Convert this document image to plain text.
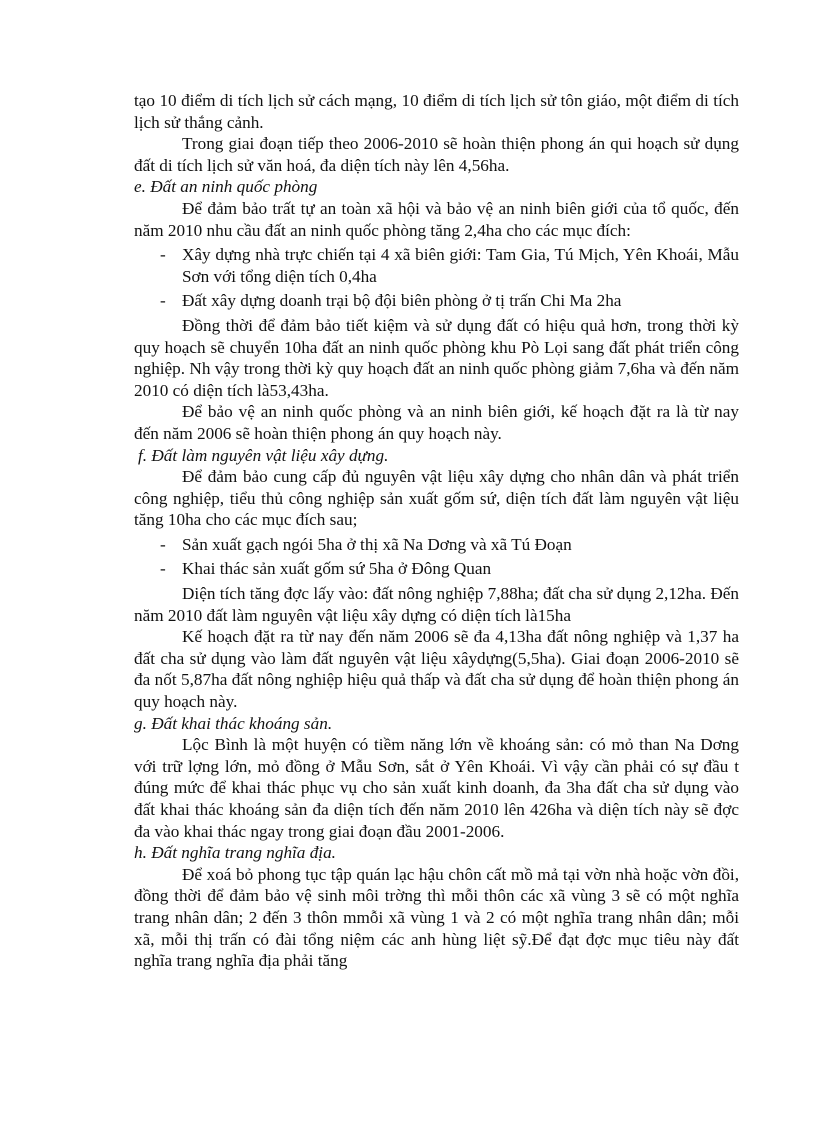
tạo 10 điểm di tích lịch sử cách mạng, 10 điểm di tích lịch sử tôn giáo, một điểm di tích lịch sử thắng cảnh.

Trong giai đoạn tiếp theo 2006-2010 sẽ hoàn thiện phong án qui hoạch sử dụng đất di tích lịch sử văn hoá, đa diện tích này lên 4,56ha.

e. Đất an ninh quốc phòng

Để đảm bảo trất tự an toàn xã hội và bảo vệ an ninh biên giới của tổ quốc, đến năm 2010 nhu cầu đất an ninh quốc phòng tăng 2,4ha cho các mục đích:

- Xây dựng nhà trực chiến tại 4 xã biên giới: Tam Gia, Tú Mịch, Yên Khoái, Mẫu Sơn với tổng diện tích 0,4ha
- Đất xây dựng doanh trại bộ đội biên phòng ở tị trấn Chi Ma 2ha

Đồng thời để đảm bảo tiết kiệm và sử dụng đất có hiệu quả hơn, trong thời kỳ quy hoạch sẽ chuyển 10ha đất an ninh quốc phòng khu Pò Lọi sang đất phát triển công nghiệp. Nh vậy trong thời kỳ quy hoạch đất an ninh quốc phòng giảm 7,6ha và đến năm 2010 có diện tích là53,43ha.

Để bảo vệ an ninh quốc phòng và an ninh biên giới, kế hoạch đặt ra là từ nay đến năm 2006 sẽ hoàn thiện phong án quy hoạch này.

f. Đất làm nguyên vật liệu xây dựng.

Để đảm bảo cung cấp đủ nguyên vật liệu xây dựng cho nhân dân và phát triển công nghiệp, tiểu thủ công nghiệp sản xuất gốm sứ, diện tích đất làm nguyên vật liệu tăng 10ha cho các mục đích sau;

- Sản xuất gạch ngói 5ha ở thị xã Na Dơng và xã Tú Đoạn
- Khai thác sản xuất gốm sứ 5ha ở Đông Quan

Diện tích tăng đợc lấy vào: đất nông nghiệp 7,88ha; đất cha sử dụng 2,12ha. Đến năm 2010 đất làm nguyên vật liệu xây dựng có diện tích là15ha

Kế hoạch đặt ra từ nay đến năm 2006 sẽ đa 4,13ha đất nông nghiệp và 1,37 ha đất cha sử dụng vào làm đất nguyên vật liệu xâydựng(5,5ha). Giai đoạn 2006-2010 sẽ đa nốt 5,87ha đất nông nghiệp hiệu quả thấp và đất cha sử dụng để hoàn thiện phong án quy hoạch này.

g. Đất khai thác khoáng sản.

Lộc Bình là một huyện có tiềm năng lớn về khoáng sản: có mỏ than Na Dơng với trữ lợng lớn, mỏ đồng ở Mẫu Sơn, sắt ở Yên Khoái. Vì vậy cần phải có sự đầu t đúng mức để khai thác phục vụ cho sản xuất kinh doanh, đa 3ha đất cha sử dụng vào đất khai thác khoáng sản đa diện tích đến năm 2010 lên 426ha và diện tích này sẽ đợc đa vào khai thác ngay trong giai đoạn đầu 2001-2006.

h. Đất nghĩa trang nghĩa địa.

Để xoá bỏ phong tục tập quán lạc hậu chôn cất mồ mả tại vờn nhà hoặc vờn đồi, đồng thời để đảm bảo vệ sinh môi trờng thì mỗi thôn các xã vùng 3 sẽ có một nghĩa trang nhân dân; 2 đến 3 thôn mmỗi xã vùng 1 và 2 có một nghĩa trang nhân dân; mỗi xã, mỗi thị trấn có đài tổng niệm các anh hùng liệt sỹ.Để đạt đợc mục tiêu này đất nghĩa trang nghĩa địa phải tăng
